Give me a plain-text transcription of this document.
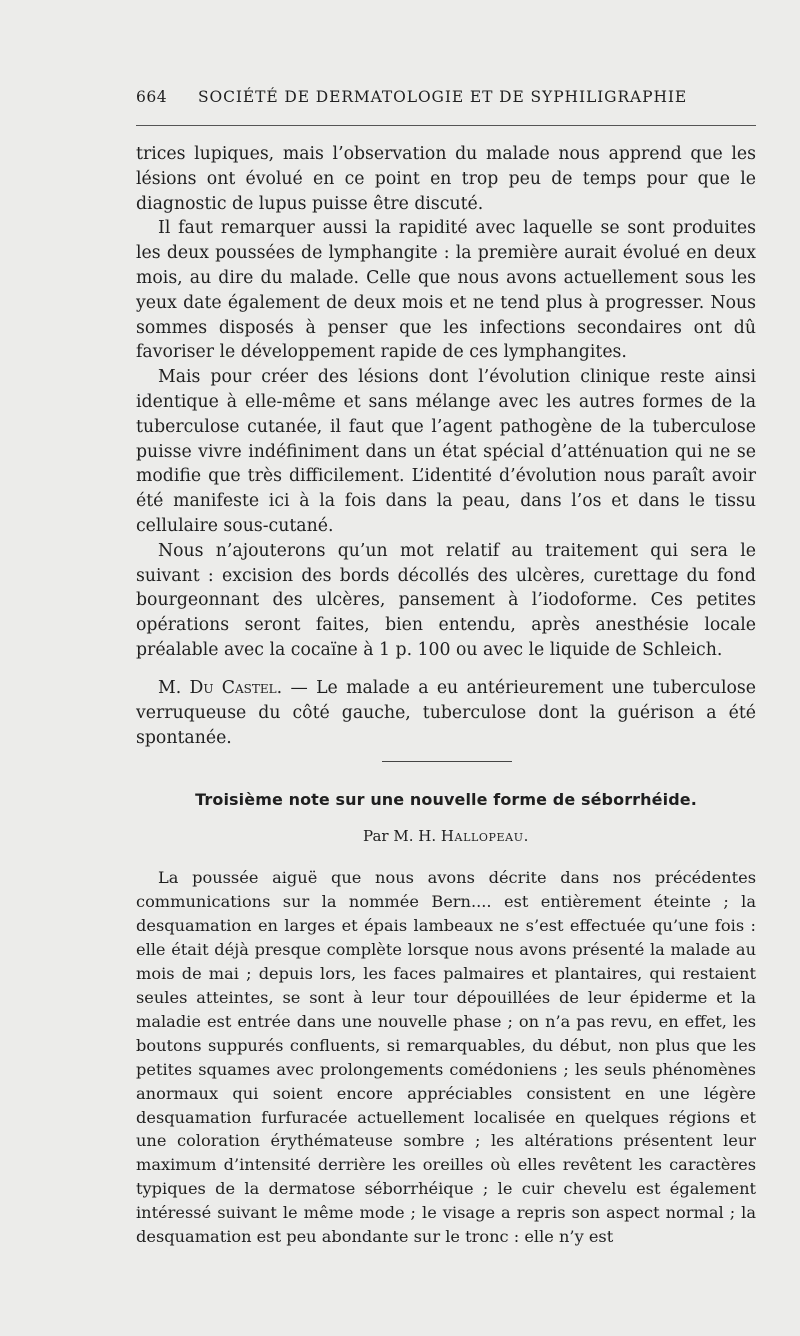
664 SOCIÉTÉ DE DERMATOLOGIE ET DE SYPHILIGRAPHIE

trices lupiques, mais l’observation du malade nous apprend que les lésions ont évolué en ce point en trop peu de temps pour que le diagnostic de lupus puisse être discuté.

Il faut remarquer aussi la rapidité avec laquelle se sont produites les deux poussées de lymphangite : la première aurait évolué en deux mois, au dire du malade. Celle que nous avons actuellement sous les yeux date également de deux mois et ne tend plus à progresser. Nous sommes disposés à penser que les infections secondaires ont dû favoriser le développement rapide de ces lymphangites.

Mais pour créer des lésions dont l’évolution clinique reste ainsi identique à elle-même et sans mélange avec les autres formes de la tuberculose cutanée, il faut que l’agent pathogène de la tuberculose puisse vivre indéfiniment dans un état spécial d’atténuation qui ne se modifie que très difficilement. L’identité d’évolution nous paraît avoir été manifeste ici à la fois dans la peau, dans l’os et dans le tissu cellulaire sous-cutané.

Nous n’ajouterons qu’un mot relatif au traitement qui sera le suivant : excision des bords décollés des ulcères, curettage du fond bourgeonnant des ulcères, pansement à l’iodoforme. Ces petites opérations seront faites, bien entendu, après anesthésie locale préalable avec la cocaïne à 1 p. 100 ou avec le liquide de Schleich.

M. Du Castel. — Le malade a eu antérieurement une tuberculose verruqueuse du côté gauche, tuberculose dont la guérison a été spontanée.

Troisième note sur une nouvelle forme de séborrhéide.
Par M. H. Hallopeau.

La poussée aiguë que nous avons décrite dans nos précédentes communications sur la nommée Bern.... est entièrement éteinte ; la desquamation en larges et épais lambeaux ne s’est effectuée qu’une fois : elle était déjà presque complète lorsque nous avons présenté la malade au mois de mai ; depuis lors, les faces palmaires et plantaires, qui restaient seules atteintes, se sont à leur tour dépouillées de leur épiderme et la maladie est entrée dans une nouvelle phase ; on n’a pas revu, en effet, les boutons suppurés confluents, si remarquables, du début, non plus que les petites squames avec prolongements comédoniens ; les seuls phénomènes anormaux qui soient encore appréciables consistent en une légère desquamation furfuracée actuellement localisée en quelques régions et une coloration érythémateuse sombre ; les altérations présentent leur maximum d’intensité derrière les oreilles où elles revêtent les caractères typiques de la dermatose séborrhéique ; le cuir chevelu est également intéressé suivant le même mode ; le visage a repris son aspect normal ; la desquamation est peu abondante sur le tronc : elle n’y est
